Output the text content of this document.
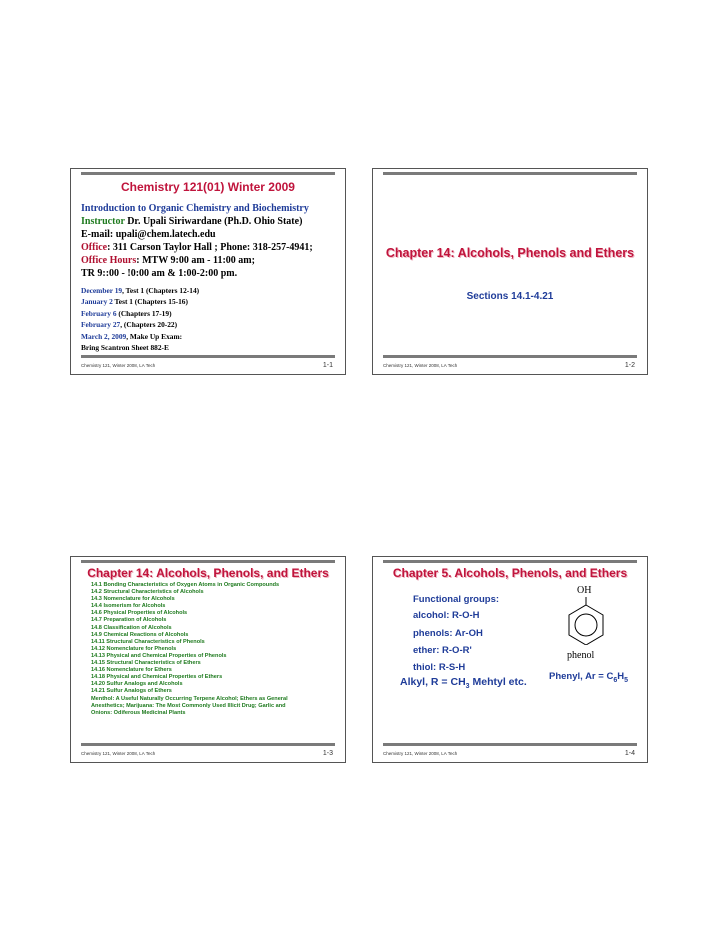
Chemistry 121(01) Winter 2009
Introduction to Organic Chemistry and Biochemistry
Instructor Dr. Upali Siriwardane (Ph.D. Ohio State)
E-mail: upali@chem.latech.edu
Office: 311 Carson Taylor Hall ; Phone: 318-257-4941;
Office Hours: MTW 9:00 am - 11:00 am;
TR 9::00 - !0:00 am & 1:00-2:00 pm.
December 19, Test 1 (Chapters 12-14)
January 2 Test 1 (Chapters 15-16)
February 6 (Chapters 17-19)
February 27, (Chapters 20-22)
March 2, 2009, Make Up Exam:
Bring Scantron Sheet 882-E
Chemistry 121, Winter 2008, LA Tech	1-1
Chapter 14: Alcohols, Phenols and Ethers
Sections 14.1-4.21
Chemistry 121, Winter 2008, LA Tech	1-2
Chapter 14: Alcohols, Phenols, and Ethers
14.1 Bonding Characteristics of Oxygen Atoms in Organic Compounds
14.2 Structural Characteristics of Alcohols
14.3 Nomenclature for Alcohols
14.4 Isomerism for Alcohols
14.6 Physical Properties of Alcohols
14.7 Preparation of Alcohols
14.8 Classification of Alcohols
14.9 Chemical Reactions of Alcohols
14.11 Structural Characteristics of Phenols
14.12 Nomenclature for Phenols
14.13 Physical and Chemical Properties of Phenols
14.15 Structural Characteristics of Ethers
14.16 Nomenclature for Ethers
14.18 Physical and Chemical Properties of Ethers
14.20 Sulfur Analogs and Alcohols
14.21 Sulfur Analogs of Ethers
Menthol: A Useful Naturally Occurring Terpene Alcohol; Ethers as General
Anesthetics; Marijuana: The Most Commonly Used Illicit Drug; Garlic and
Onions: Odiferous Medicinal Plants
Chemistry 121, Winter 2008, LA Tech	1-3
Chapter 5. Alcohols, Phenols, and Ethers
Functional groups:
alcohol: R-O-H
phenols: Ar-OH
ether: R-O-R'
thiol: R-S-H
OH
phenol
Phenyl, $Ar = C_6H_5$
Alkyl, $R = CH_3$ Mehtyl etc.
Chemistry 121, Winter 2008, LA Tech	1-4
